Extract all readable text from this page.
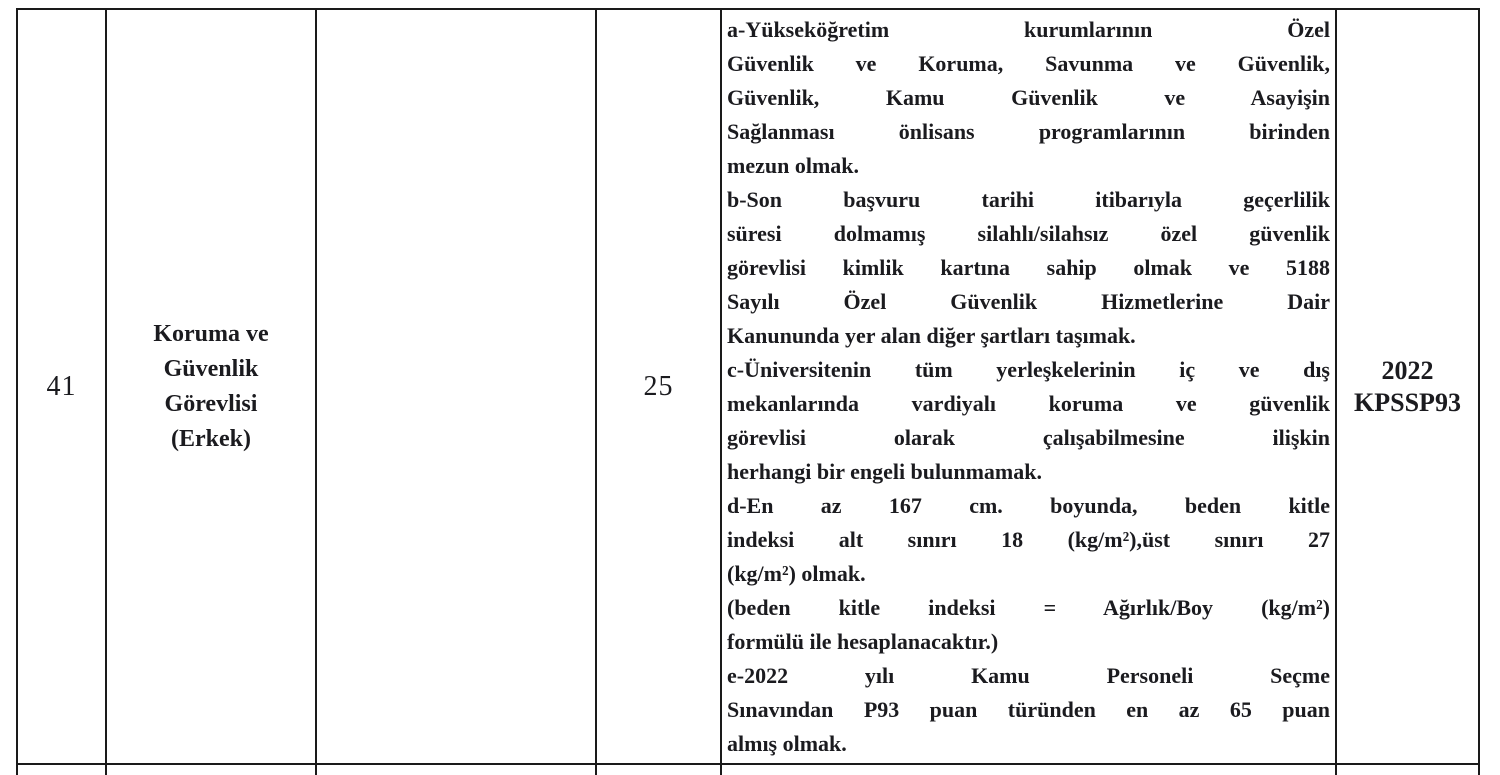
41
Koruma ve
Güvenlik
Görevlisi
(Erkek)
25
a-Yükseköğretim kurumlarının Özel
Güvenlik ve Koruma, Savunma ve Güvenlik,
Güvenlik, Kamu Güvenlik ve Asayişin
Sağlanması önlisans programlarının birinden
mezun olmak.
b-Son başvuru tarihi itibarıyla geçerlilik
süresi dolmamış silahlı/silahsız özel güvenlik
görevlisi kimlik kartına sahip olmak ve 5188
Sayılı Özel Güvenlik Hizmetlerine Dair
Kanununda yer alan diğer şartları taşımak.
c-Üniversitenin tüm yerleşkelerinin iç ve dış
mekanlarında vardiyalı koruma ve güvenlik
görevlisi olarak çalışabilmesine ilişkin
herhangi bir engeli bulunmamak.
d-En az 167 cm. boyunda, beden kitle
indeksi alt sınırı 18 (kg/m²),üst sınırı 27
(kg/m²) olmak.
(beden kitle indeksi = Ağırlık/Boy (kg/m²)
formülü ile hesaplanacaktır.)
e-2022 yılı Kamu Personeli Seçme
Sınavından P93 puan türünden en az 65 puan
almış olmak.
2022
KPSSP93
